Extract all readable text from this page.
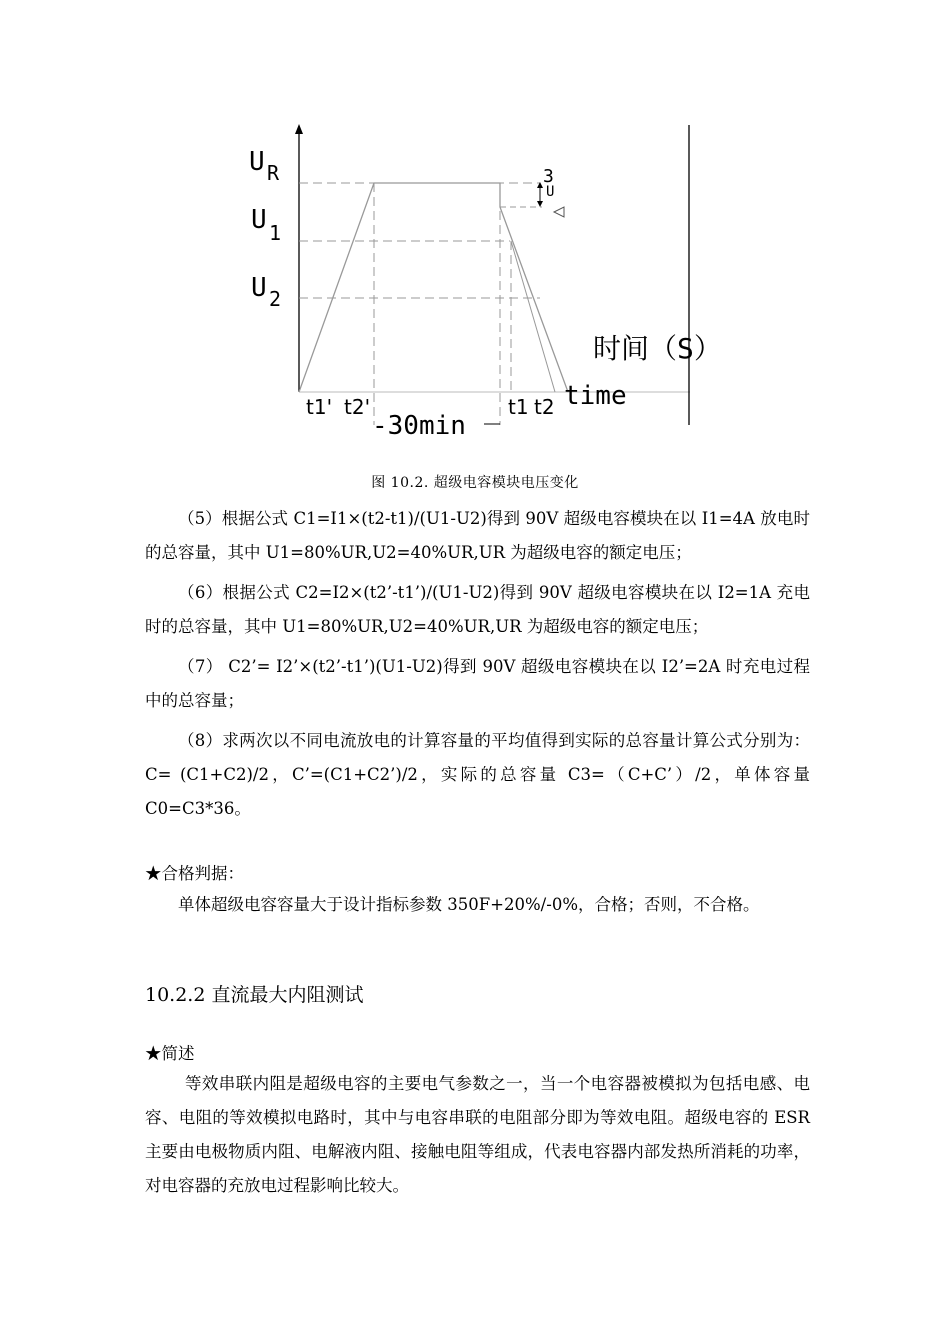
U R
U 1
U 2
3
U
时间（S）
time
t1' t2'
-30min
t1 t2
图 10.2. 超级电容模块电压变化
（5）根据公式 C1=I1×(t2-t1)/(U1-U2)得到 90V 超级电容模块在以 I1=4A 放电时的总容量，其中 U1=80%UR,U2=40%UR,UR 为超级电容的额定电压；
（6）根据公式 C2=I2×(t2’-t1’)/(U1-U2)得到 90V 超级电容模块在以 I2=1A 充电时的总容量，其中 U1=80%UR,U2=40%UR,UR 为超级电容的额定电压；
（7） C2’= I2’×(t2’-t1’)(U1-U2)得到 90V 超级电容模块在以 I2’=2A 时充电过程中的总容量；
（8）求两次以不同电流放电的计算容量的平均值得到实际的总容量计算公式分别为： C= (C1+C2)/2，C’=(C1+C2’)/2，实际的总容量 C3=（C+C’）/2，单体容量 C0=C3*36。
★合格判据：
单体超级电容容量大于设计指标参数 350F+20%/-0%，合格；否则，不合格。
10.2.2 直流最大内阻测试
★简述
等效串联内阻是超级电容的主要电气参数之一，当一个电容器被模拟为包括电感、电容、电阻的等效模拟电路时，其中与电容串联的电阻部分即为等效电阻。超级电容的 ESR 主要由电极物质内阻、电解液内阻、接触电阻等组成，代表电容器内部发热所消耗的功率，对电容器的充放电过程影响比较大。
